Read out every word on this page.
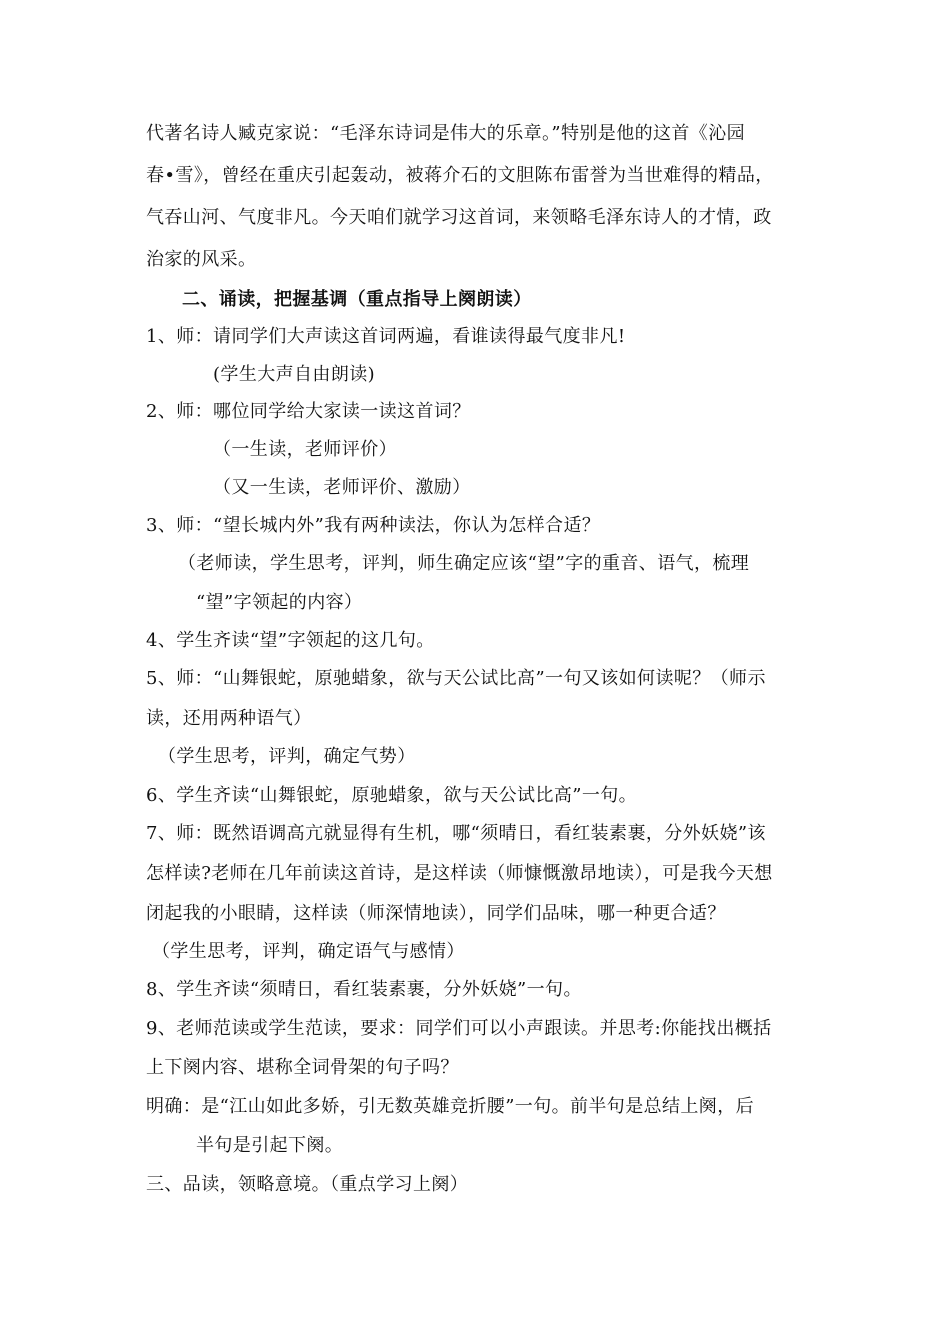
代著名诗人臧克家说：“毛泽东诗词是伟大的乐章。”特别是他的这首《沁园
春•雪》，曾经在重庆引起轰动，被蒋介石的文胆陈布雷誉为当世难得的精品，
气吞山河、气度非凡。今天咱们就学习这首词，来领略毛泽东诗人的才情，政
治家的风采。
二、诵读，把握基调（重点指导上阕朗读）
1、师：请同学们大声读这首词两遍，看谁读得最气度非凡!
(学生大声自由朗读)
2、师：哪位同学给大家读一读这首词？
（一生读，老师评价）
（又一生读，老师评价、激励）
3、师：“望长城内外”我有两种读法，你认为怎样合适？
（老师读，学生思考，评判，师生确定应该“望”字的重音、语气，梳理
“望”字领起的内容）
4、学生齐读“望”字领起的这几句。
5、师：“山舞银蛇，原驰蜡象，欲与天公试比高”一句又该如何读呢？（师示
读，还用两种语气）
（学生思考，评判，确定气势）
6、学生齐读“山舞银蛇，原驰蜡象，欲与天公试比高”一句。
7、师：既然语调高亢就显得有生机，哪“须晴日，看红装素裹，分外妖娆”该
怎样读?老师在几年前读这首诗，是这样读（师慷慨激昂地读），可是我今天想
闭起我的小眼睛，这样读（师深情地读），同学们品味，哪一种更合适？
（学生思考，评判，确定语气与感情）
8、学生齐读“须晴日，看红装素裹，分外妖娆”一句。
9、老师范读或学生范读，要求：同学们可以小声跟读。并思考:你能找出概括
上下阕内容、堪称全词骨架的句子吗？
明确：是“江山如此多娇，引无数英雄竞折腰”一句。前半句是总结上阕，后
半句是引起下阕。
三、品读，领略意境。（重点学习上阕）
